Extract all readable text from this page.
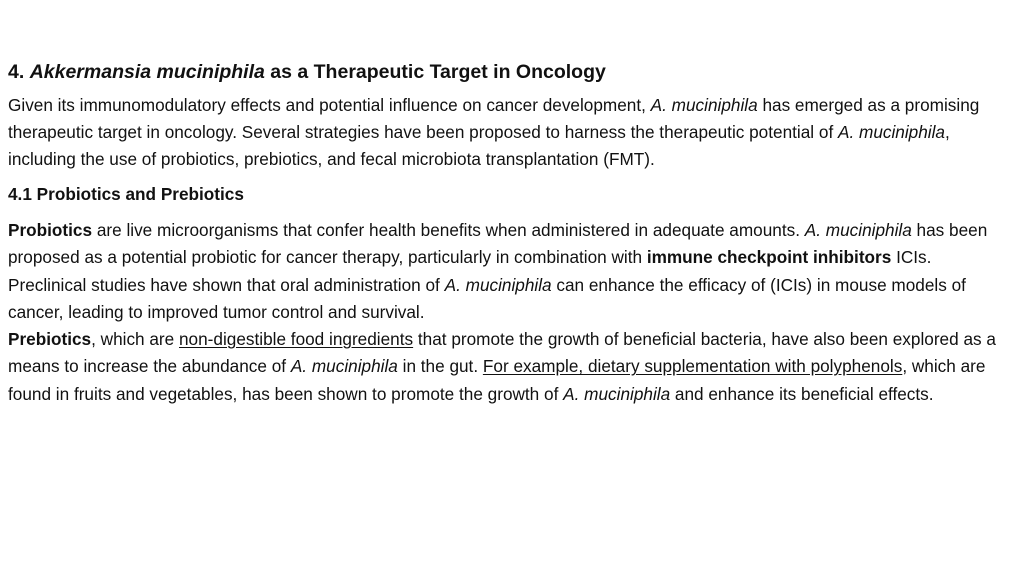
4. Akkermansia muciniphila as a Therapeutic Target in Oncology

Given its immunomodulatory effects and potential influence on cancer development, A. muciniphila has emerged as a promising therapeutic target in oncology. Several strategies have been proposed to harness the therapeutic potential of A. muciniphila, including the use of probiotics, prebiotics, and fecal microbiota transplantation (FMT).

4.1 Probiotics and Prebiotics

Probiotics are live microorganisms that confer health benefits when administered in adequate amounts. A. muciniphila has been proposed as a potential probiotic for cancer therapy, particularly in combination with immune checkpoint inhibitors ICIs. Preclinical studies have shown that oral administration of A. muciniphila can enhance the efficacy of (ICIs) in mouse models of cancer, leading to improved tumor control and survival.
Prebiotics, which are non-digestible food ingredients that promote the growth of beneficial bacteria, have also been explored as a means to increase the abundance of A. muciniphila in the gut. For example, dietary supplementation with polyphenols, which are found in fruits and vegetables, has been shown to promote the growth of A. muciniphila and enhance its beneficial effects.
